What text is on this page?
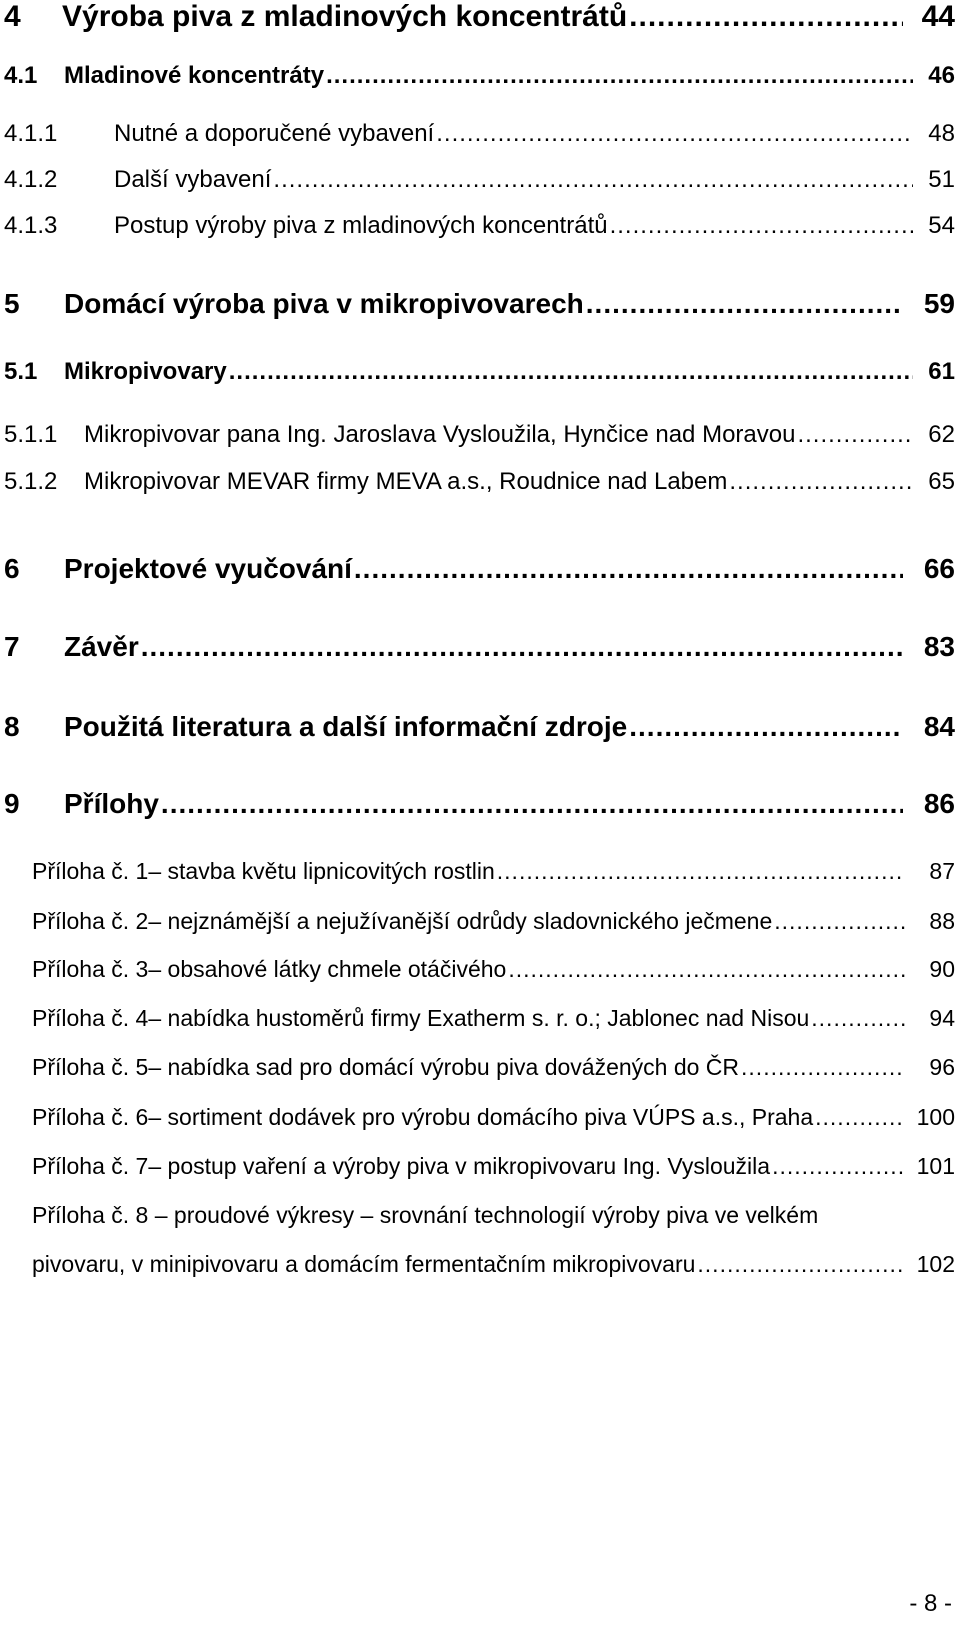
4	Výroba piva z mladinových koncentrátů .....	44
4.1 Mladinové koncentráty .....	46
4.1.1	Nutné a doporučené vybavení .....	48
4.1.2	Další vybavení .....	51
4.1.3	Postup výroby piva z mladinových koncentrátů .....	54
5	Domácí výroba piva v mikropivovarech .....	59
5.1 Mikropivovary .....	61
5.1.1	Mikropivovar pana Ing. Jaroslava Vysloužila, Hynčice nad Moravou .....	62
5.1.2	Mikropivovar MEVAR firmy MEVA a.s., Roudnice nad Labem .....	65
6	Projektové vyučování .....	66
7	Závěr .....	83
8	Použitá literatura a další informační zdroje .....	84
9	Přílohy .....	86
Příloha č. 1 – stavba květu lipnicovitých rostlin .....	87
Příloha č. 2 – nejznámější a nejužívanější odrůdy sladovnického ječmene .....	88
Příloha č. 3 – obsahové látky chmele otáčivého .....	90
Příloha č. 4 – nabídka hustoměrů firmy Exatherm s. r. o.; Jablonec nad Nisou .....	94
Příloha č. 5 – nabídka sad pro domácí výrobu piva dovážených do ČR .....	96
Příloha č. 6 – sortiment dodávek pro výrobu domácího piva VÚPS a.s., Praha .....	100
Příloha č. 7 – postup vaření a výroby piva v mikropivovaru Ing. Vysloužila .....	101
Příloha č. 8 – proudové výkresy – srovnání technologií výroby piva ve velkém
pivovaru, v minipivovaru a domácím fermentačním mikropivovaru .....	102
- 8 -
